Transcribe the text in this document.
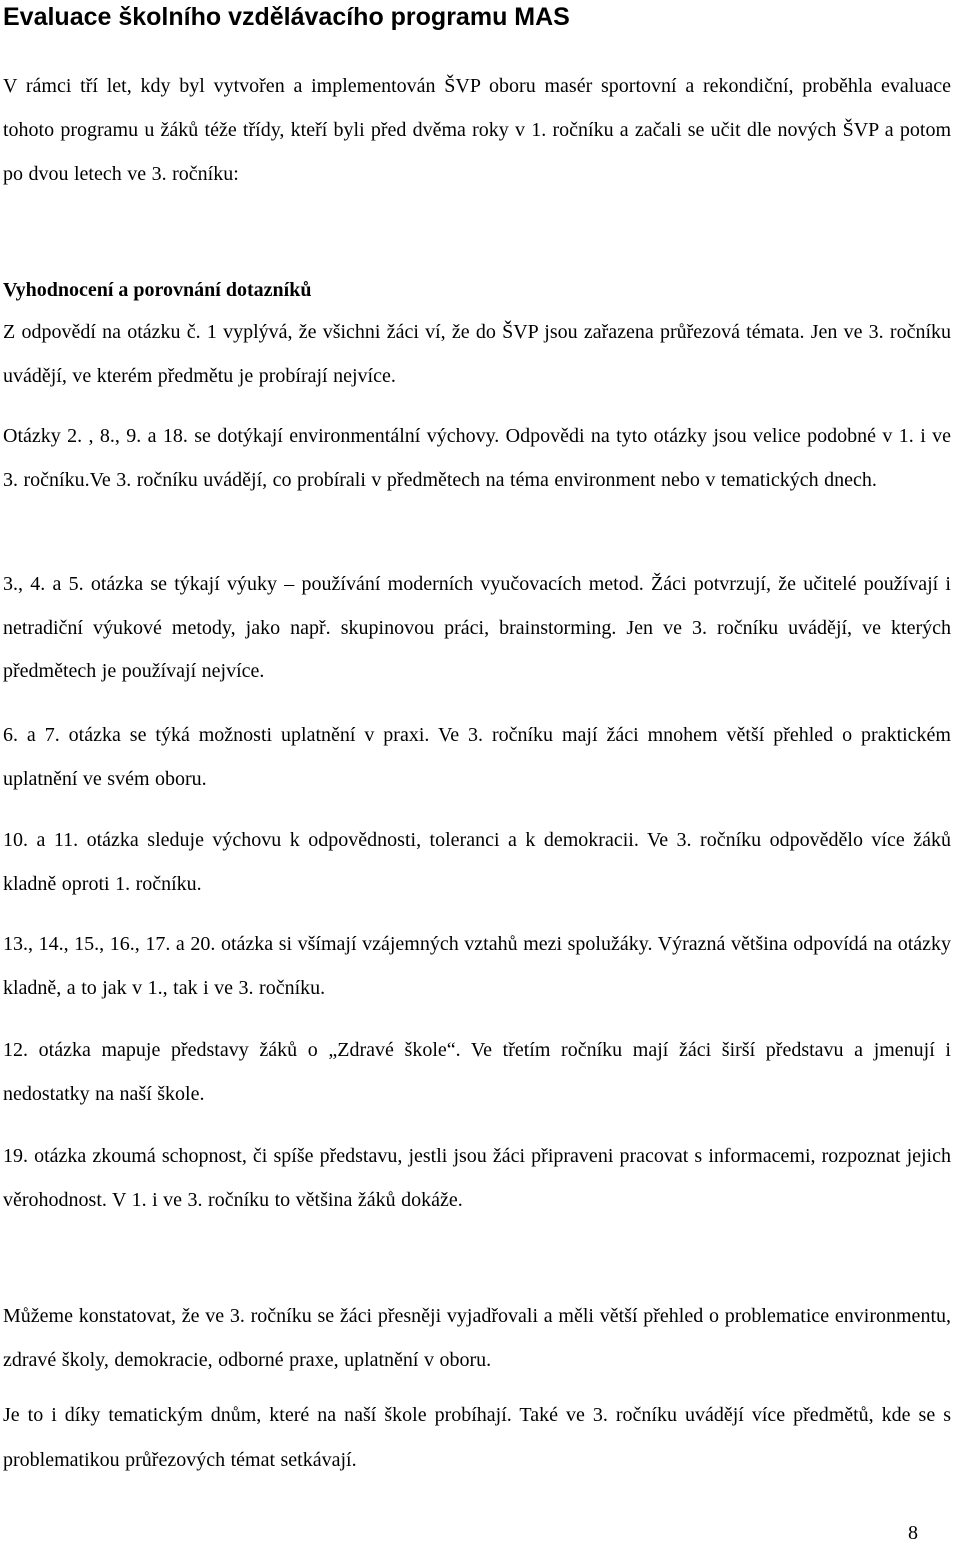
Evaluace školního vzdělávacího programu MAS

V rámci tří let, kdy byl vytvořen a implementován ŠVP oboru masér sportovní a rekondiční, proběhla evaluace tohoto programu u žáků téže třídy, kteří byli před dvěma roky v 1. ročníku a začali se učit dle nových ŠVP a potom po dvou letech ve 3. ročníku:

Vyhodnocení a porovnání dotazníků

Z odpovědí na otázku č. 1 vyplývá, že všichni žáci ví, že do ŠVP jsou zařazena průřezová témata. Jen ve 3. ročníku uvádějí, ve kterém předmětu je probírají nejvíce.

Otázky 2. , 8., 9. a 18. se dotýkají environmentální výchovy. Odpovědi na tyto otázky jsou velice podobné v 1. i ve 3. ročníku.Ve 3. ročníku uvádějí, co probírali v předmětech na téma environment nebo v tematických dnech.

3., 4. a 5. otázka se týkají výuky – používání moderních vyučovacích metod. Žáci potvrzují, že učitelé používají i netradiční výukové metody, jako např. skupinovou práci, brainstorming. Jen ve 3. ročníku uvádějí, ve kterých předmětech je používají nejvíce.

6. a 7. otázka se týká možnosti uplatnění v praxi. Ve 3. ročníku mají žáci mnohem větší přehled o praktickém uplatnění ve svém oboru.

10. a 11. otázka sleduje výchovu k odpovědnosti, toleranci a k demokracii. Ve 3. ročníku odpovědělo více žáků kladně oproti 1. ročníku.

13., 14., 15., 16., 17. a 20. otázka si všímají vzájemných vztahů mezi spolužáky. Výrazná většina odpovídá na otázky kladně, a to jak v 1., tak i ve 3. ročníku.

12. otázka mapuje představy žáků o „Zdravé škole“. Ve třetím ročníku mají žáci širší představu a jmenují i nedostatky na naší škole.

19. otázka zkoumá schopnost, či spíše představu, jestli jsou žáci připraveni pracovat s informacemi, rozpoznat jejich věrohodnost. V 1. i ve 3. ročníku to většina žáků dokáže.

Můžeme konstatovat, že ve 3. ročníku se žáci přesněji vyjadřovali a měli větší přehled o problematice environmentu, zdravé školy, demokracie, odborné praxe, uplatnění v oboru.

Je to i díky tematickým dnům, které na naší škole probíhají. Také ve 3. ročníku uvádějí více předmětů, kde se s problematikou průřezových témat setkávají.

8
